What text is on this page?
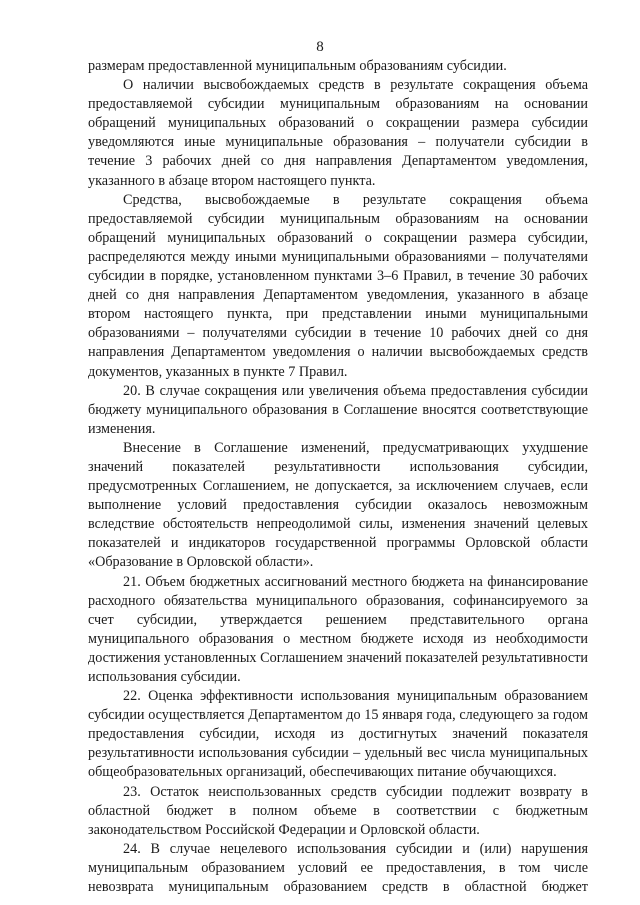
8

размерам предоставленной муниципальным образованиям субсидии.

О наличии высвобождаемых средств в результате сокращения объема предоставляемой субсидии муниципальным образованиям на основании обращений муниципальных образований о сокращении размера субсидии уведомляются иные муниципальные образования – получатели субсидии в течение 3 рабочих дней со дня направления Департаментом уведомления, указанного в абзаце втором настоящего пункта.

Средства, высвобождаемые в результате сокращения объема предоставляемой субсидии муниципальным образованиям на основании обращений муниципальных образований о сокращении размера субсидии, распределяются между иными муниципальными образованиями – получателями субсидии в порядке, установленном пунктами 3–6 Правил, в течение 30 рабочих дней со дня направления Департаментом уведомления, указанного в абзаце втором настоящего пункта, при представлении иными муниципальными образованиями – получателями субсидии в течение 10 рабочих дней со дня направления Департаментом уведомления о наличии высвобождаемых средств документов, указанных в пункте 7 Правил.

20. В случае сокращения или увеличения объема предоставления субсидии бюджету муниципального образования в Соглашение вносятся соответствующие изменения.

Внесение в Соглашение изменений, предусматривающих ухудшение значений показателей результативности использования субсидии, предусмотренных Соглашением, не допускается, за исключением случаев, если выполнение условий предоставления субсидии оказалось невозможным вследствие обстоятельств непреодолимой силы, изменения значений целевых показателей и индикаторов государственной программы Орловской области «Образование в Орловской области».

21. Объем бюджетных ассигнований местного бюджета на финансирование расходного обязательства муниципального образования, софинансируемого за счет субсидии, утверждается решением представительного органа муниципального образования о местном бюджете исходя из необходимости достижения установленных Соглашением значений показателей результативности использования субсидии.

22. Оценка эффективности использования муниципальным образованием субсидии осуществляется Департаментом до 15 января года, следующего за годом предоставления субсидии, исходя из достигнутых значений показателя результативности использования субсидии – удельный вес числа муниципальных общеобразовательных организаций, обеспечивающих питание обучающихся.

23. Остаток неиспользованных средств субсидии подлежит возврату в областной бюджет в полном объеме в соответствии с бюджетным законодательством Российской Федерации и Орловской области.

24. В случае нецелевого использования субсидии и (или) нарушения муниципальным образованием условий ее предоставления, в том числе невозврата муниципальным образованием средств в областной бюджет
